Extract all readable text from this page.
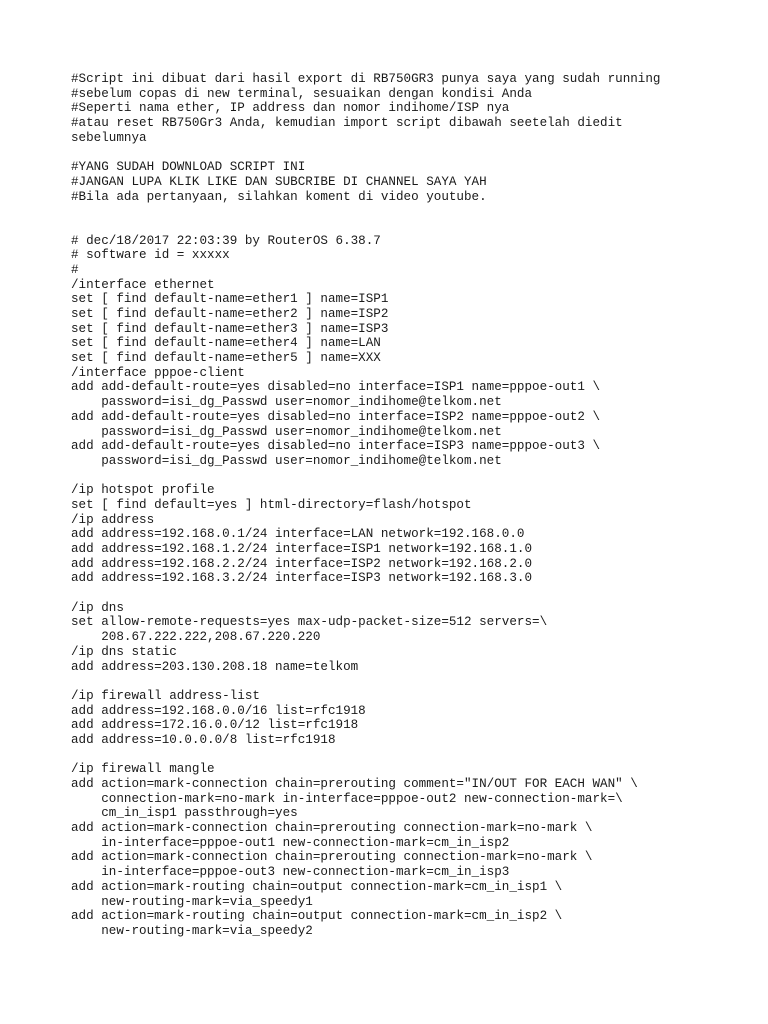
#Script ini dibuat dari hasil export di RB750GR3 punya saya yang sudah running
#sebelum copas di new terminal, sesuaikan dengan kondisi Anda
#Seperti nama ether, IP address dan nomor indihome/ISP nya
#atau reset RB750Gr3 Anda, kemudian import script dibawah seetelah diedit
sebelumnya
#YANG SUDAH DOWNLOAD SCRIPT INI
#JANGAN LUPA KLIK LIKE DAN SUBCRIBE DI CHANNEL SAYA YAH
#Bila ada pertanyaan, silahkan koment di video youtube.
# dec/18/2017 22:03:39 by RouterOS 6.38.7
# software id = xxxxx
#
/interface ethernet
set [ find default-name=ether1 ] name=ISP1
set [ find default-name=ether2 ] name=ISP2
set [ find default-name=ether3 ] name=ISP3
set [ find default-name=ether4 ] name=LAN
set [ find default-name=ether5 ] name=XXX
/interface pppoe-client
add add-default-route=yes disabled=no interface=ISP1 name=pppoe-out1 \
password=isi_dg_Passwd user=nomor_indihome@telkom.net
add add-default-route=yes disabled=no interface=ISP2 name=pppoe-out2 \
password=isi_dg_Passwd user=nomor_indihome@telkom.net
add add-default-route=yes disabled=no interface=ISP3 name=pppoe-out3 \
password=isi_dg_Passwd user=nomor_indihome@telkom.net
/ip hotspot profile
set [ find default=yes ] html-directory=flash/hotspot
/ip address
add address=192.168.0.1/24 interface=LAN network=192.168.0.0
add address=192.168.1.2/24 interface=ISP1 network=192.168.1.0
add address=192.168.2.2/24 interface=ISP2 network=192.168.2.0
add address=192.168.3.2/24 interface=ISP3 network=192.168.3.0
/ip dns
set allow-remote-requests=yes max-udp-packet-size=512 servers=\
208.67.222.222,208.67.220.220
/ip dns static
add address=203.130.208.18 name=telkom
/ip firewall address-list
add address=192.168.0.0/16 list=rfc1918
add address=172.16.0.0/12 list=rfc1918
add address=10.0.0.0/8 list=rfc1918
/ip firewall mangle
add action=mark-connection chain=prerouting comment="IN/OUT FOR EACH WAN" \
connection-mark=no-mark in-interface=pppoe-out2 new-connection-mark=\
cm_in_isp1 passthrough=yes
add action=mark-connection chain=prerouting connection-mark=no-mark \
in-interface=pppoe-out1 new-connection-mark=cm_in_isp2
add action=mark-connection chain=prerouting connection-mark=no-mark \
in-interface=pppoe-out3 new-connection-mark=cm_in_isp3
add action=mark-routing chain=output connection-mark=cm_in_isp1 \
new-routing-mark=via_speedy1
add action=mark-routing chain=output connection-mark=cm_in_isp2 \
new-routing-mark=via_speedy2
